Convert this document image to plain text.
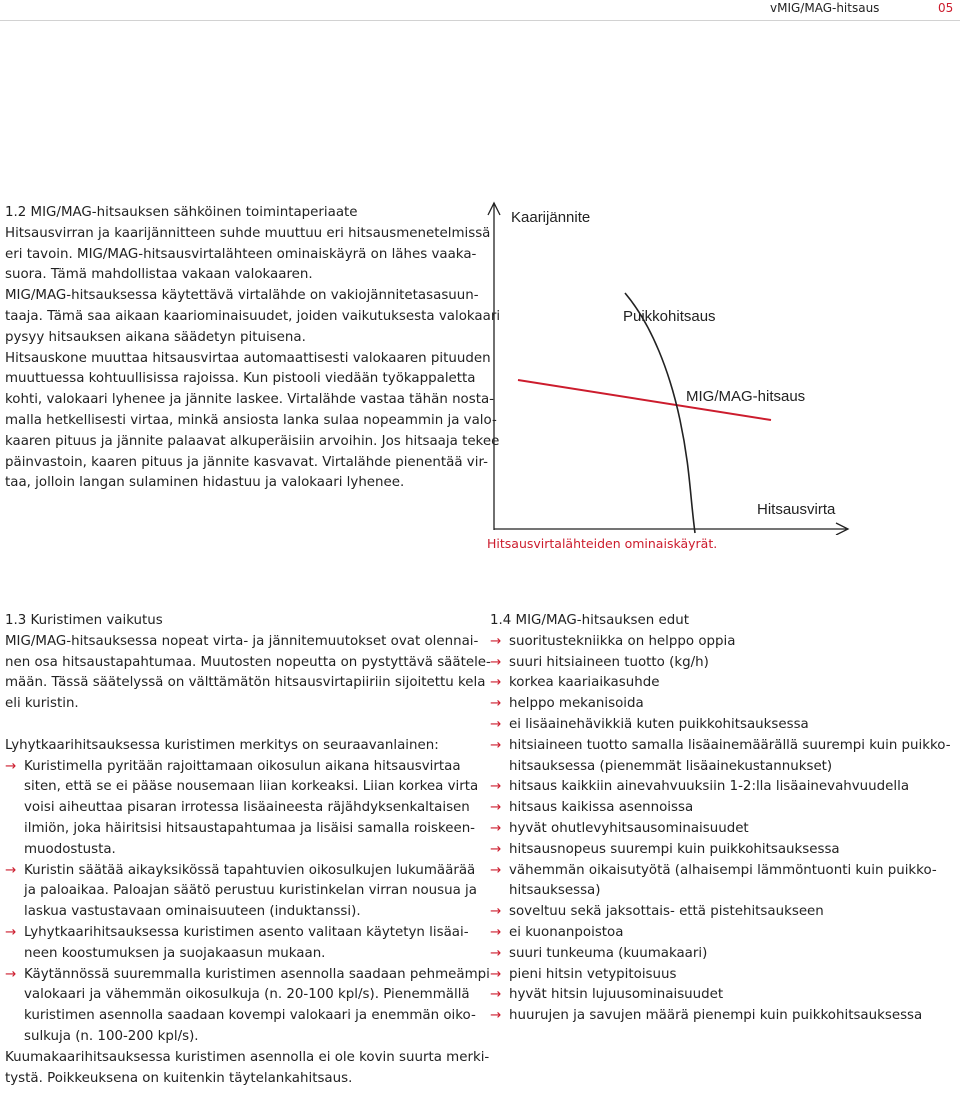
vMIG/MAG-hitsaus	05

1.2 MIG/MAG-hitsauksen sähköinen toimintaperiaate

Hitsausvirran ja kaarijännitteen suhde muuttuu eri hitsausmenetelmissä

eri tavoin. MIG/MAG-hitsausvirtalähteen ominaiskäyrä on lähes vaaka-

suora. Tämä mahdollistaa vakaan valokaaren.

MIG/MAG-hitsauksessa käytettävä virtalähde on vakiojännitetasasuun-

taaja. Tämä saa aikaan kaariominaisuudet, joiden vaikutuksesta valokaari

pysyy hitsauksen aikana säädetyn pituisena.

Hitsauskone muuttaa hitsausvirtaa automaattisesti valokaaren pituuden

muuttuessa kohtuullisissa rajoissa. Kun pistooli viedään työkappaletta

kohti, valokaari lyhenee ja jännite laskee. Virtalähde vastaa tähän nosta-

malla hetkellisesti virtaa, minkä ansiosta lanka sulaa nopeammin ja valo-

kaaren pituus ja jännite palaavat alkuperäisiin arvoihin. Jos hitsaaja tekee

päinvastoin, kaaren pituus ja jännite kasvavat. Virtalähde pienentää vir-

taa, jolloin langan sulaminen hidastuu ja valokaari lyhenee.

Kaarijännite
Puikkohitsaus
MIG/MAG-hitsaus
Hitsausvirta
Hitsausvirtalähteiden ominaiskäyrät.

1.3 Kuristimen vaikutus

MIG/MAG-hitsauksessa nopeat virta- ja jännitemuutokset ovat olennai-

nen osa hitsaustapahtumaa. Muutosten nopeutta on pystyttävä säätele-

mään. Tässä säätelyssä on välttämätön hitsausvirtapiiriin sijoitettu kela

eli kuristin.

Lyhytkaarihitsauksessa kuristimen merkitys on seuraavanlainen:

→ Kuristimella pyritään rajoittamaan oikosulun aikana hitsausvirtaa
siten, että se ei pääse nousemaan liian korkeaksi. Liian korkea virta
voisi aiheuttaa pisaran irrotessa lisäaineesta räjähdyksenkaltaisen
ilmiön, joka häiritsisi hitsaustapahtumaa ja lisäisi samalla roiskeen-
muodostusta.
→ Kuristin säätää aikayksikössä tapahtuvien oikosulkujen lukumäärää
ja paloaikaa. Paloajan säätö perustuu kuristinkelan virran nousua ja
laskua vastustavaan ominaisuuteen (induktanssi).
→ Lyhytkaarihitsauksessa kuristimen asento valitaan käytetyn lisäai-
neen koostumuksen ja suojakaasun mukaan.
→ Käytännössä suuremmalla kuristimen asennolla saadaan pehmeämpi
valokaari ja vähemmän oikosulkuja (n. 20-100 kpl/s). Pienemmällä
kuristimen asennolla saadaan kovempi valokaari ja enemmän oiko-
sulkuja (n. 100-200 kpl/s).

Kuumakaarihitsauksessa kuristimen asennolla ei ole kovin suurta merki-

tystä. Poikkeuksena on kuitenkin täytelankahitsaus.

1.4 MIG/MAG-hitsauksen edut

→ suoritustekniikka on helppo oppia
→ suuri hitsiaineen tuotto (kg/h)
→ korkea kaariaikasuhde
→ helppo mekanisoida
→ ei lisäainehävikkiä kuten puikkohitsauksessa
→ hitsiaineen tuotto samalla lisäainemäärällä suurempi kuin puikko-
hitsauksessa (pienemmät lisäainekustannukset)
→ hitsaus kaikkiin ainevahvuuksiin 1-2:lla lisäainevahvuudella
→ hitsaus kaikissa asennoissa
→ hyvät ohutlevyhitsausominaisuudet
→ hitsausnopeus suurempi kuin puikkohitsauksessa
→ vähemmän oikaisutyötä (alhaisempi lämmöntuonti kuin puikko-
hitsauksessa)
→ soveltuu sekä jaksottais- että pistehitsaukseen
→ ei kuonanpoistoa
→ suuri tunkeuma (kuumakaari)
→ pieni hitsin vetypitoisuus
→ hyvät hitsin lujuusominaisuudet
→ huurujen ja savujen määrä pienempi kuin puikkohitsauksessa
